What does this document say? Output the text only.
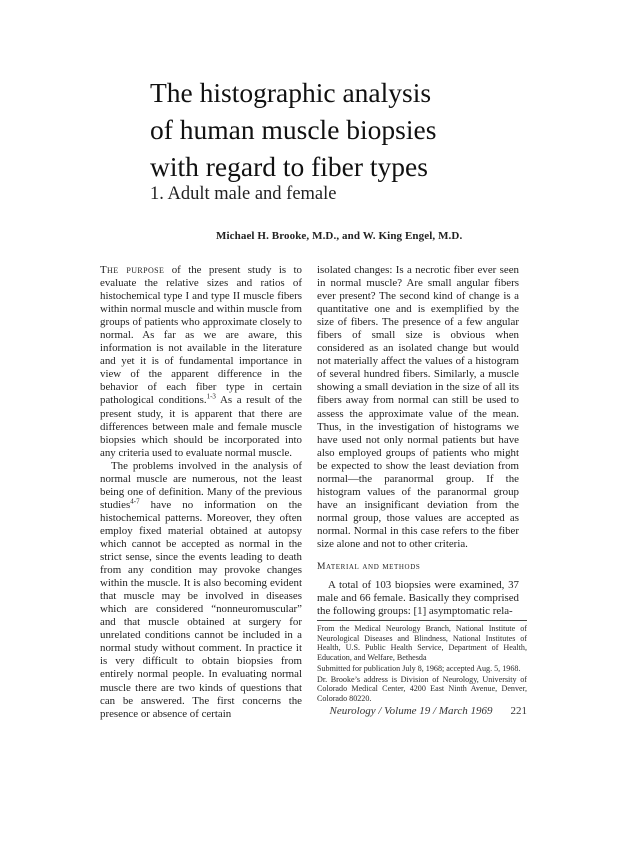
The histographic analysis
of human muscle biopsies
with regard to fiber types
1. Adult male and female
Michael H. Brooke, M.D., and W. King Engel, M.D.

The purpose of the present study is to evaluate the relative sizes and ratios of histochemical type I and type II muscle fibers within normal muscle and within muscle from groups of patients who approximate closely to normal. As far as we are aware, this information is not available in the literature and yet it is of fundamental importance in view of the apparent difference in the behavior of each fiber type in certain pathological conditions.$^{1-3}$ As a result of the present study, it is apparent that there are differences between male and female muscle biopsies which should be incorporated into any criteria used to evaluate normal muscle.

The problems involved in the analysis of normal muscle are numerous, not the least being one of definition. Many of the previous studies$^{4-7}$ have no information on the histochemical patterns. Moreover, they often employ fixed material obtained at autopsy which cannot be accepted as normal in the strict sense, since the events leading to death from any condition may provoke changes within the muscle. It is also becoming evident that muscle may be involved in diseases which are considered “nonneuromuscular” and that muscle obtained at surgery for unrelated conditions cannot be included in a normal study without comment. In practice it is very difficult to obtain biopsies from entirely normal people. In evaluating normal muscle there are two kinds of questions that can be answered. The first concerns the presence or absence of certain

isolated changes: Is a necrotic fiber ever seen in normal muscle? Are small angular fibers ever present? The second kind of change is a quantitative one and is exemplified by the size of fibers. The presence of a few angular fibers of small size is obvious when considered as an isolated change but would not materially affect the values of a histogram of several hundred fibers. Similarly, a muscle showing a small deviation in the size of all its fibers away from normal can still be used to assess the approximate value of the mean. Thus, in the investigation of histograms we have used not only normal patients but have also employed groups of patients who might be expected to show the least deviation from normal—the paranormal group. If the histogram values of the paranormal group have an insignificant deviation from the normal group, those values are accepted as normal. Normal in this case refers to the fiber size alone and not to other criteria.

Material and methods

A total of 103 biopsies were examined, 37 male and 66 female. Basically they comprised the following groups: [1] asymptomatic rela-

From the Medical Neurology Branch, National Institute of Neurological Diseases and Blindness, National Institutes of Health, U.S. Public Health Service, Department of Health, Education, and Welfare, Bethesda

Submitted for publication July 8, 1968; accepted Aug. 5, 1968.

Dr. Brooke’s address is Division of Neurology, University of Colorado Medical Center, 4200 East Ninth Avenue, Denver, Colorado 80220.

Neurology / Volume 19 / March 1969 221
